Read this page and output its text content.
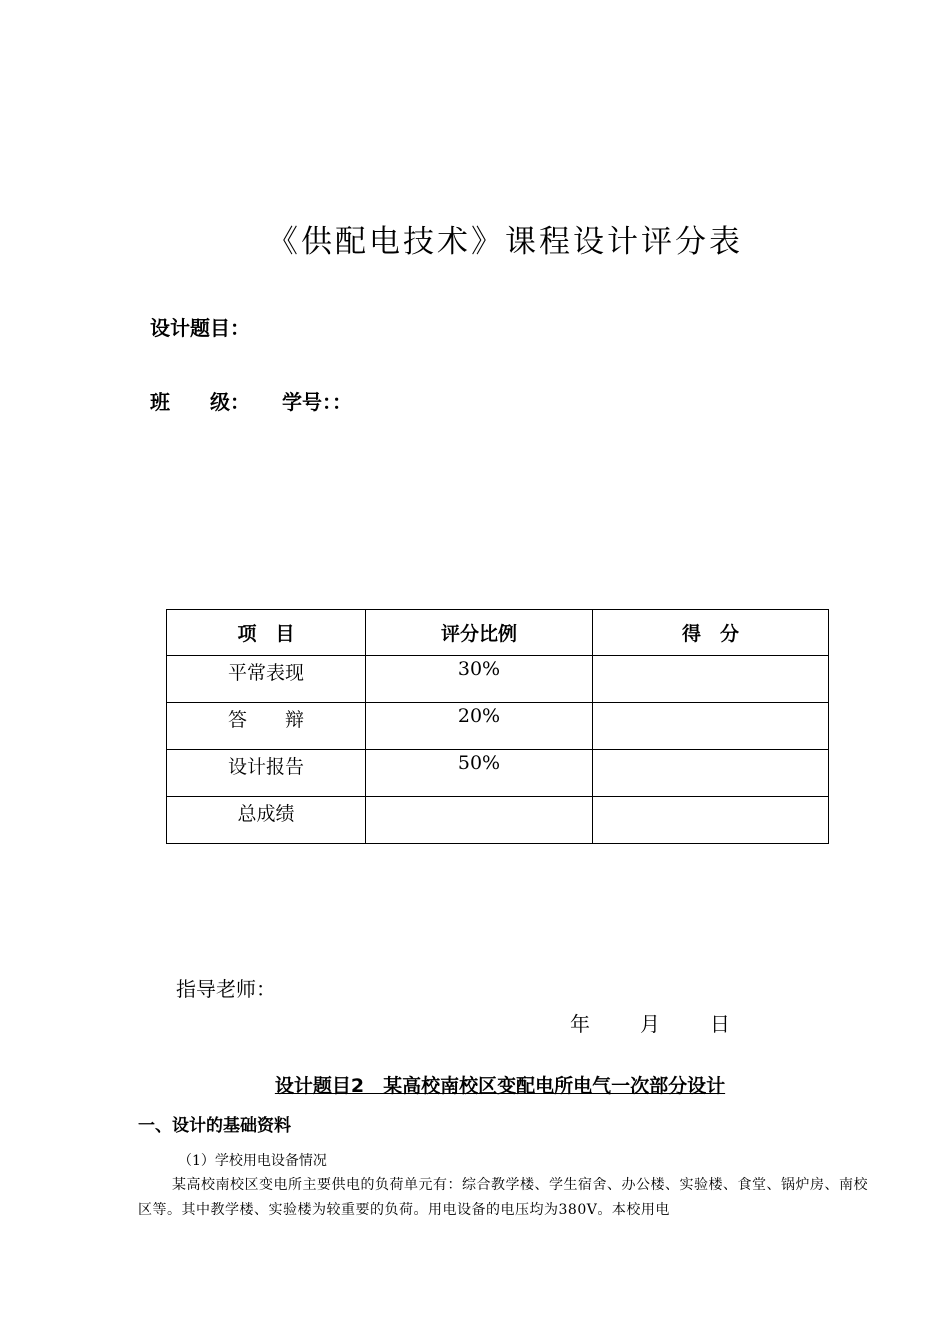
《供配电技术》课程设计评分表
设计题目：
班　　级： 学号：：
项　目	评分比例	得　分
平常表现	30%	
答　　辩	20%	
设计报告	50%	
总成绩		
指导老师：
年	月	日
设计题目2　某高校南校区变配电所电气一次部分设计
一、设计的基础资料
（1）学校用电设备情况
某高校南校区变电所主要供电的负荷单元有：综合教学楼、学生宿舍、办公楼、实验楼、食堂、锅炉房、南校区等。其中教学楼、实验楼为较重要的负荷。用电设备的电压均为380V。本校用电
